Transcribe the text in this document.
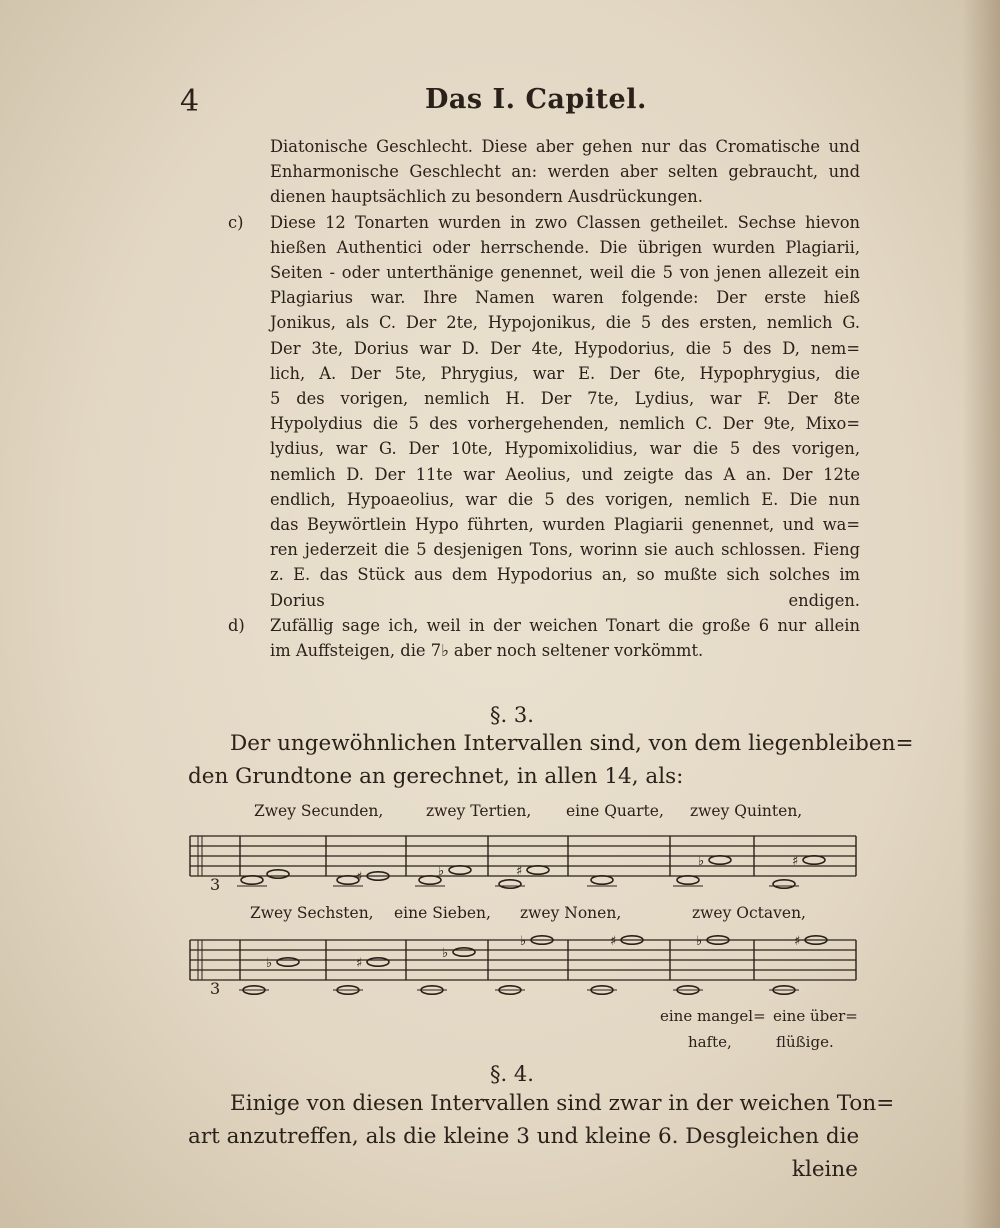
4	Das I. Capitel.
Diatonische Geschlecht. Diese aber gehen nur das Cromatische und
Enharmonische Geschlecht an: werden aber selten gebraucht, und
dienen hauptsächlich zu besondern Ausdrückungen.
c) Diese 12 Tonarten wurden in zwo Classen getheilet. Sechse hievon
hießen Authentici oder herrschende. Die übrigen wurden Plagiarii,
Seiten - oder unterthänige genennet, weil die 5 von jenen allezeit ein
Plagiarius war. Ihre Namen waren folgende: Der erste hieß
Jonikus, als C. Der 2te, Hypojonikus, die 5 des ersten, nemlich G.
Der 3te, Dorius war D. Der 4te, Hypodorius, die 5 des D, nem=
lich, A. Der 5te, Phrygius, war E. Der 6te, Hypophrygius, die
5 des vorigen, nemlich H. Der 7te, Lydius, war F. Der 8te
Hypolydius die 5 des vorhergehenden, nemlich C. Der 9te, Mixo=
lydius, war G. Der 10te, Hypomixolidius, war die 5 des vorigen,
nemlich D. Der 11te war Aeolius, und zeigte das A an. Der 12te
endlich, Hypoaeolius, war die 5 des vorigen, nemlich E. Die nun
das Beywörtlein Hypo führten, wurden Plagiarii genennet, und wa=
ren jederzeit die 5 desjenigen Tons, worinn sie auch schlossen. Fieng
z. E. das Stück aus dem Hypodorius an, so mußte sich solches im
Dorius endigen.
d) Zufällig sage ich, weil in der weichen Tonart die große 6 nur allein
im Auffsteigen, die 7♭ aber noch seltener vorkömmt.
§. 3.
Der ungewöhnlichen Intervallen sind, von dem liegenbleiben=
den Grundtone an gerechnet, in allen 14, als:
Zwey Secunden,	zwey Tertien, eine Quarte, zwey Quinten,
3	♯	♭	♯
♭	♯
Zwey Sechsten, eine Sieben, zwey Nonen,	zwey Octaven,
3
♭	♯
♭
♭	♯	♭	♯
eine mangel= eine über=
hafte,	flüßige.
§. 4.
Einige von diesen Intervallen sind zwar in der weichen Ton=
art anzutreffen, als die kleine 3 und kleine 6. Desgleichen die
kleine
